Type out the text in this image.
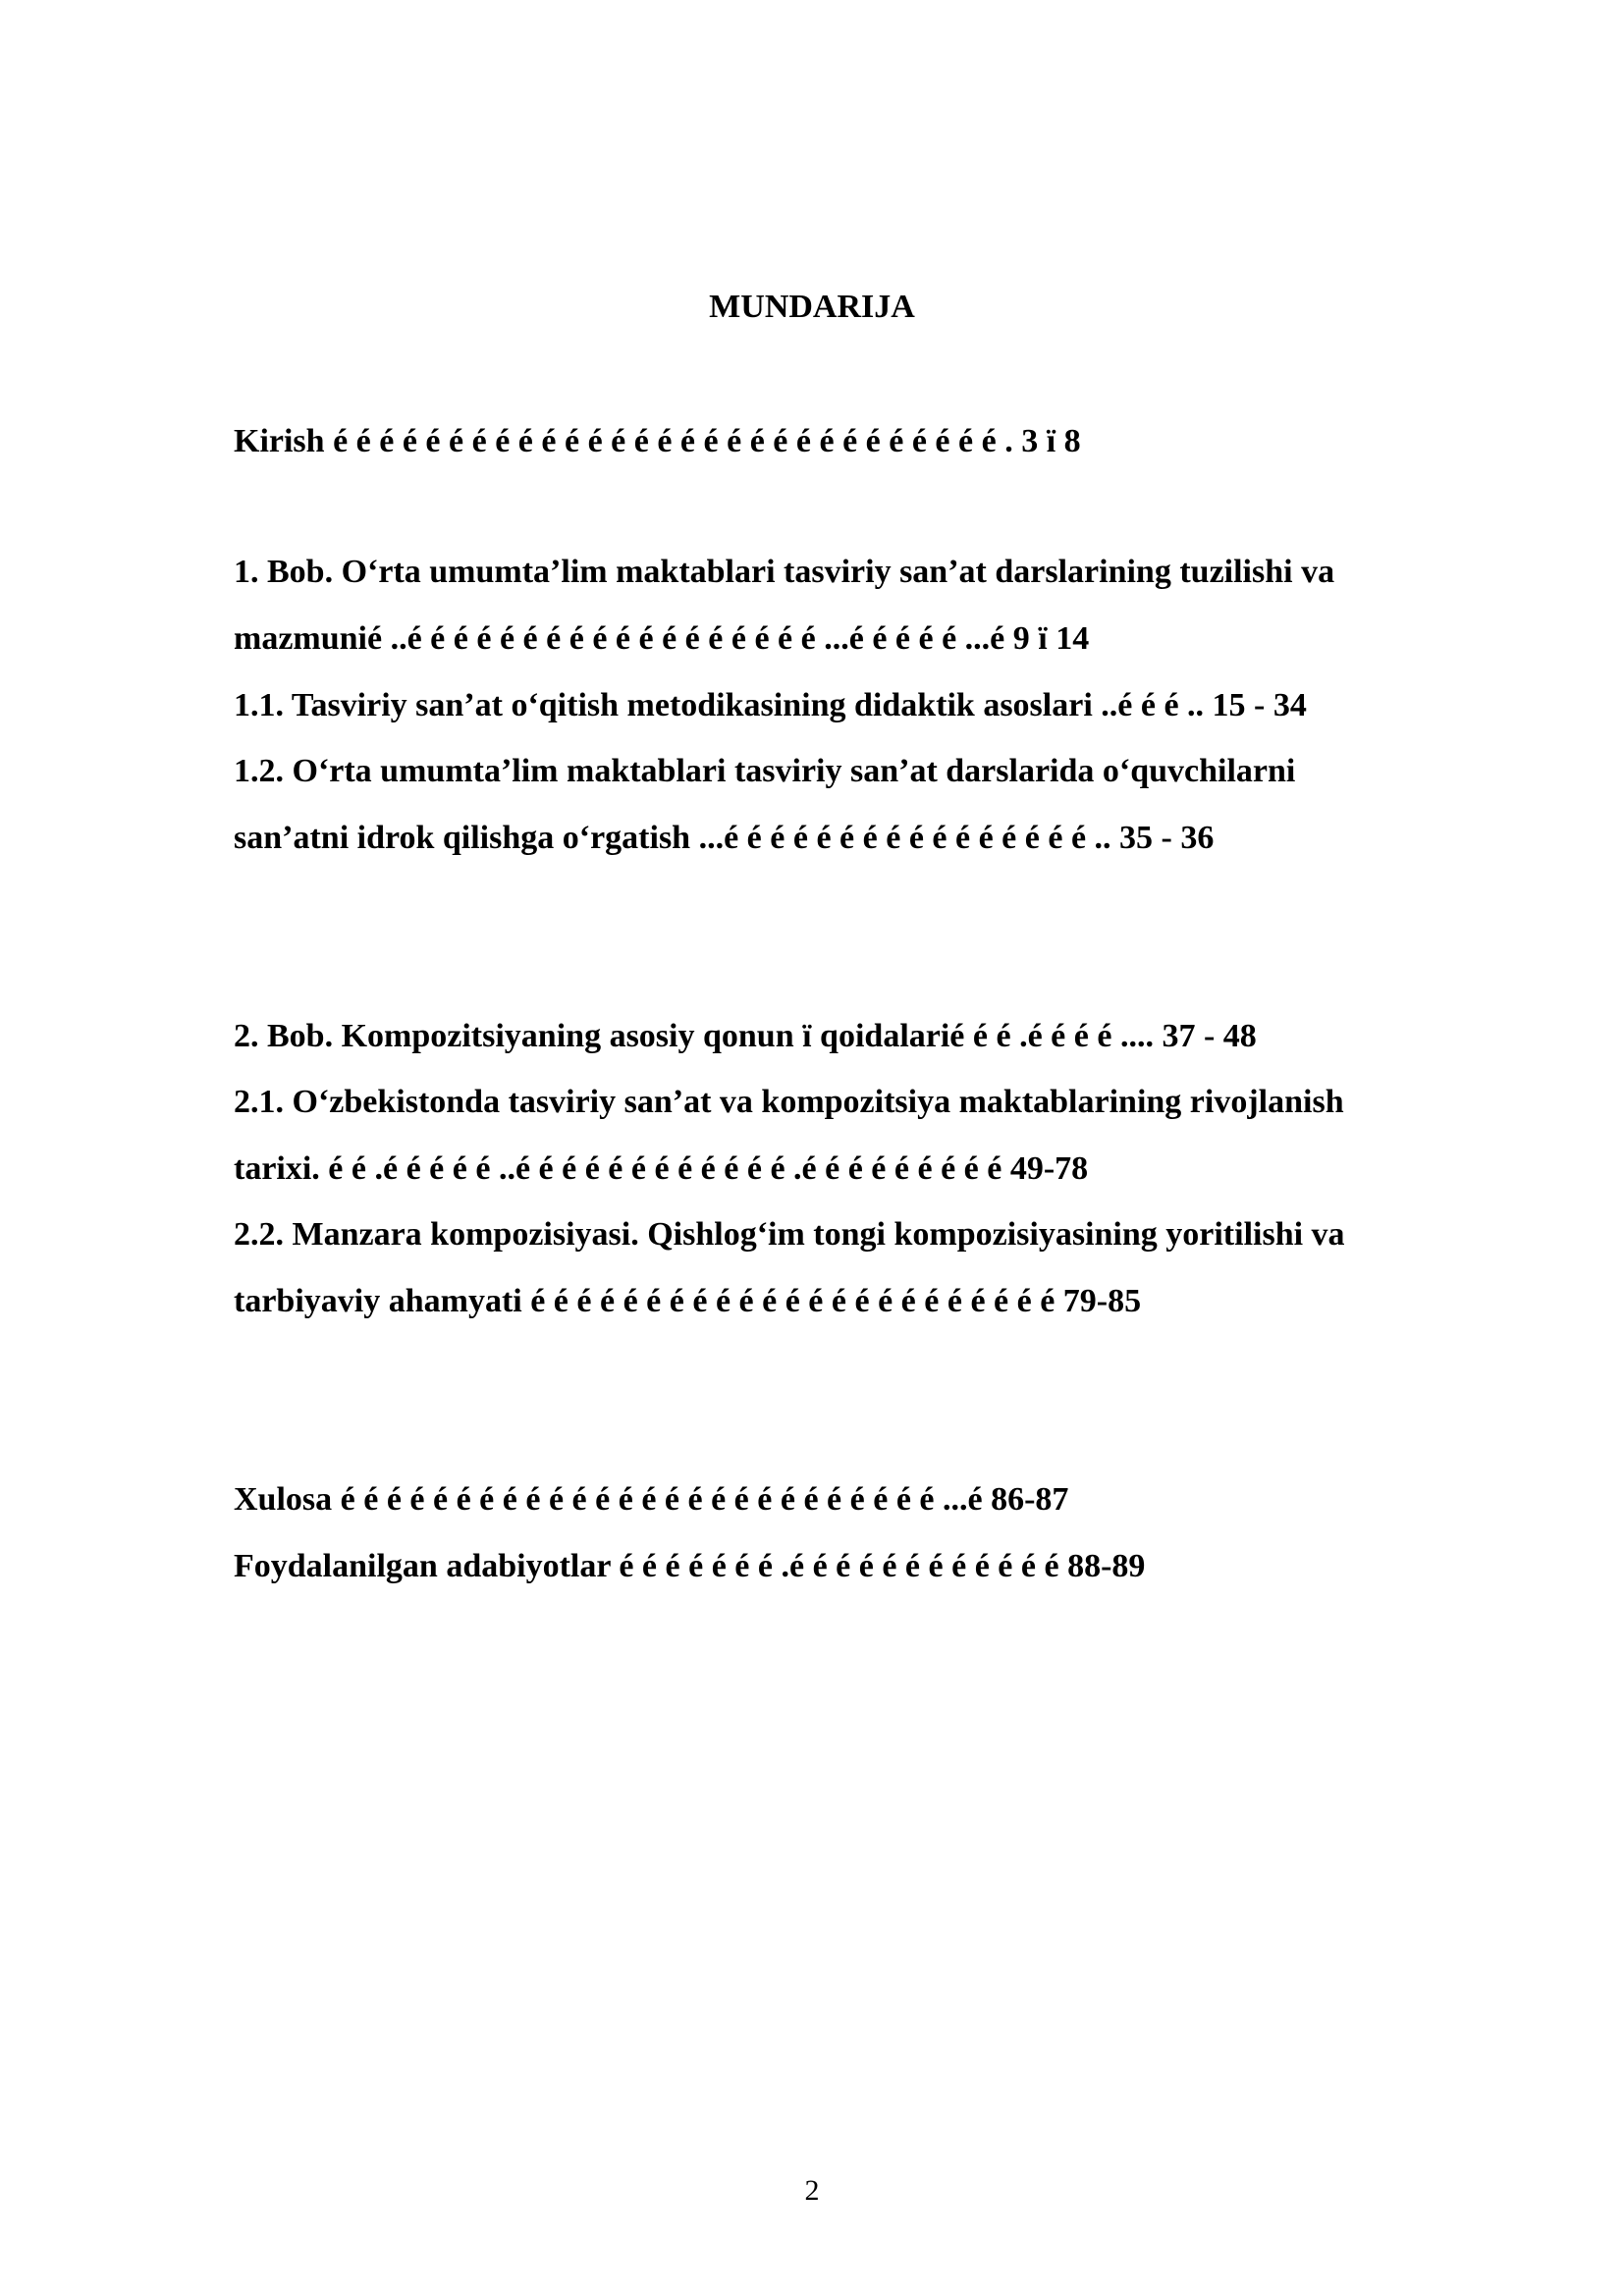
MUNDARIJA
Kirish é é é é é é é é é é é é é é é é é é é é é é é é é é é é é . 3 ï 8
1. Bob. Oʻrta umumtaʼlim maktablari tasviriy sanʼat darslarining tuzilishi va
mazmunié ..é é é é é é é é é é é é é é é é é é ...é é é é é ...é 9 ï 14
1.1. Tasviriy sanʼat oʻqitish metodikasining didaktik asoslari ..é é é .. 15 - 34
1.2. Oʻrta umumtaʼlim maktablari tasviriy sanʼat darslarida oʻquvchilarni
sanʼatni idrok qilishga oʻrgatish ...é é é é é é é é é é é é é é é é .. 35 - 36
2. Bob. Kompozitsiyaning asosiy qonun ï qoidalarié é é .é é é é .... 37 - 48
2.1. Oʻzbekistonda tasviriy sanʼat va kompozitsiya maktablarining rivojlanish
tarixi. é é .é é é é é ..é é é é é é é é é é é é .é é é é é é é é é 49-78
2.2. Manzara kompozisiyasi. Qishlogʻim tongi kompozisiyasining yoritilishi va
tarbiyaviy ahamyati é é é é é é é é é é é é é é é é é é é é é é é 79-85
Xulosa é é é é é é é é é é é é é é é é é é é é é é é é é é ...é 86-87
Foydalanilgan adabiyotlar é é é é é é é .é é é é é é é é é é é é 88-89
2
